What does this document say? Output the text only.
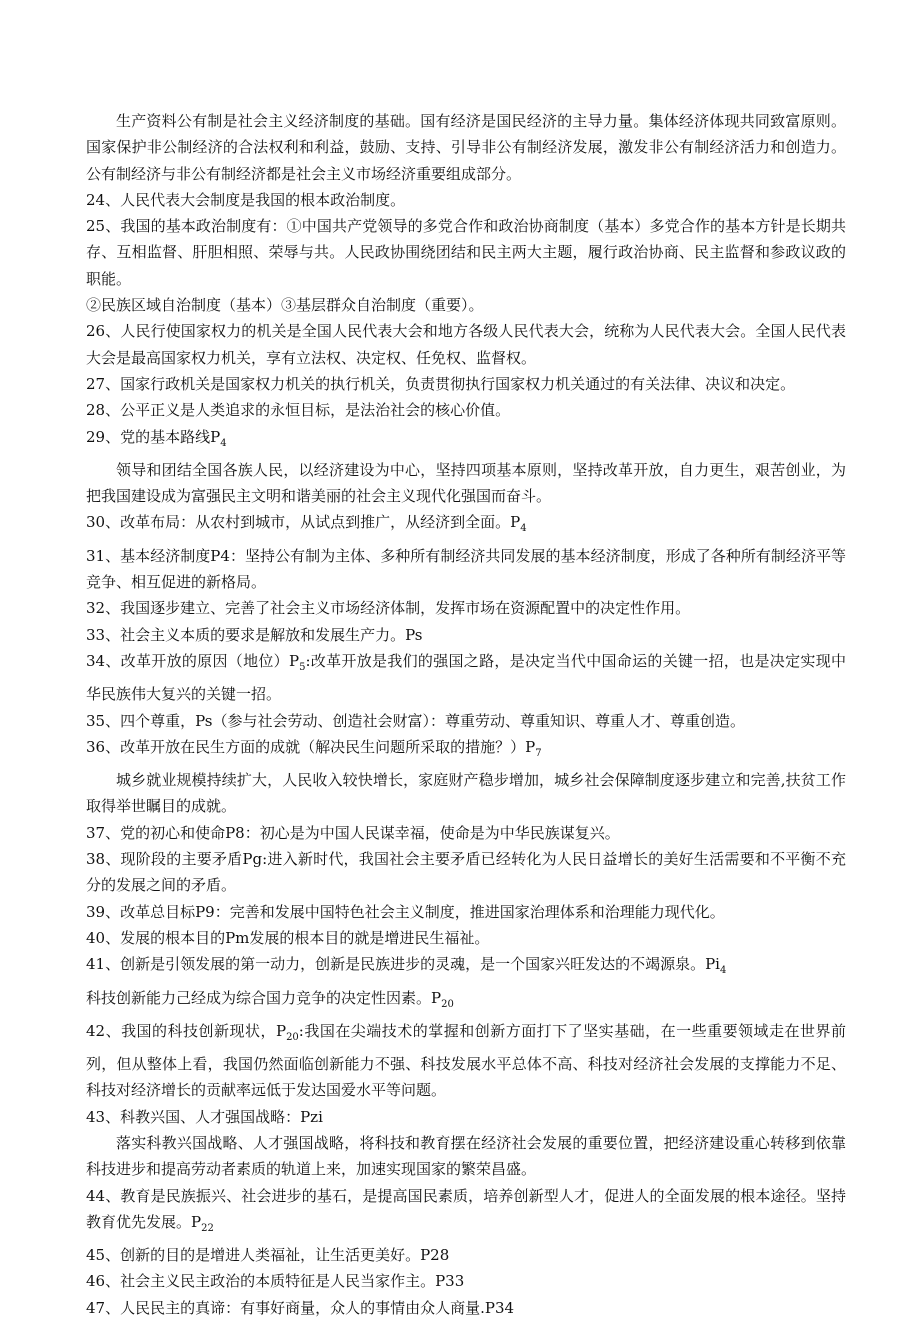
生产资料公有制是社会主义经济制度的基础。国有经济是国民经济的主导力量。集体经济体现共同致富原则。国家保护非公制经济的合法权利和利益，鼓励、支持、引导非公有制经济发展，激发非公有制经济活力和创造力。公有制经济与非公有制经济都是社会主义市场经济重要组成部分。
24、人民代表大会制度是我国的根本政治制度。
25、我国的基本政治制度有：①中国共产党领导的多党合作和政治协商制度（基本）多党合作的基本方针是长期共存、互相监督、肝胆相照、荣辱与共。人民政协围绕团结和民主两大主题，履行政治协商、民主监督和参政议政的职能。
②民族区域自治制度（基本）③基层群众自治制度（重要）。
26、人民行使国家权力的机关是全国人民代表大会和地方各级人民代表大会，统称为人民代表大会。全国人民代表大会是最高国家权力机关，享有立法权、决定权、任免权、监督权。
27、国家行政机关是国家权力机关的执行机关，负责贯彻执行国家权力机关通过的有关法律、决议和决定。
28、公平正义是人类追求的永恒目标，是法治社会的核心价值。
29、党的基本路线$P_4$
领导和团结全国各族人民，以经济建设为中心，坚持四项基本原则，坚持改革开放，自力更生，艰苦创业，为把我国建设成为富强民主文明和谐美丽的社会主义现代化强国而奋斗。
30、改革布局：从农村到城市，从试点到推广，从经济到全面。$P_4$
31、基本经济制度P4：坚持公有制为主体、多种所有制经济共同发展的基本经济制度，形成了各种所有制经济平等竞争、相互促进的新格局。
32、我国逐步建立、完善了社会主义市场经济体制，发挥市场在资源配置中的决定性作用。
33、社会主义本质的要求是解放和发展生产力。Ps
34、改革开放的原因（地位）$P_5$:改革开放是我们的强国之路，是决定当代中国命运的关键一招，也是决定实现中华民族伟大复兴的关键一招。
35、四个尊重，Ps（参与社会劳动、创造社会财富）：尊重劳动、尊重知识、尊重人才、尊重创造。
36、改革开放在民生方面的成就（解决民生问题所采取的措施？）$P_7$
城乡就业规模持续扩大，人民收入较快增长，家庭财产稳步增加，城乡社会保障制度逐步建立和完善,扶贫工作取得举世瞩目的成就。
37、党的初心和使命P8：初心是为中国人民谋幸福，使命是为中华民族谋复兴。
38、现阶段的主要矛盾Pg:进入新时代，我国社会主要矛盾已经转化为人民日益增长的美好生活需要和不平衡不充分的发展之间的矛盾。
39、改革总目标P9：完善和发展中国特色社会主义制度，推进国家治理体系和治理能力现代化。
40、发展的根本目的Pm发展的根本目的就是增进民生福祉。
41、创新是引领发展的第一动力，创新是民族进步的灵魂，是一个国家兴旺发达的不竭源泉。$Pi_4$
科技创新能力己经成为综合国力竞争的决定性因素。$P_{20}$
42、我国的科技创新现状，$P_{20}$:我国在尖端技术的掌握和创新方面打下了坚实基础，在一些重要领域走在世界前列，但从整体上看，我国仍然面临创新能力不强、科技发展水平总体不高、科技对经济社会发展的支撑能力不足、科技对经济增长的贡献率远低于发达国爱水平等问题。
43、科教兴国、人才强国战略：Pzi
落实科教兴国战略、人才强国战略，将科技和教育摆在经济社会发展的重要位置，把经济建设重心转移到依靠科技进步和提高劳动者素质的轨道上来，加速实现国家的繁荣昌盛。
44、教育是民族振兴、社会进步的基石，是提高国民素质，培养创新型人才，促进人的全面发展的根本途径。坚持教育优先发展。$P_{22}$
45、创新的目的是增进人类福祉，让生活更美好。P28
46、社会主义民主政治的本质特征是人民当家作主。P33
47、人民民主的真谛：有事好商量，众人的事情由众人商量.P34
